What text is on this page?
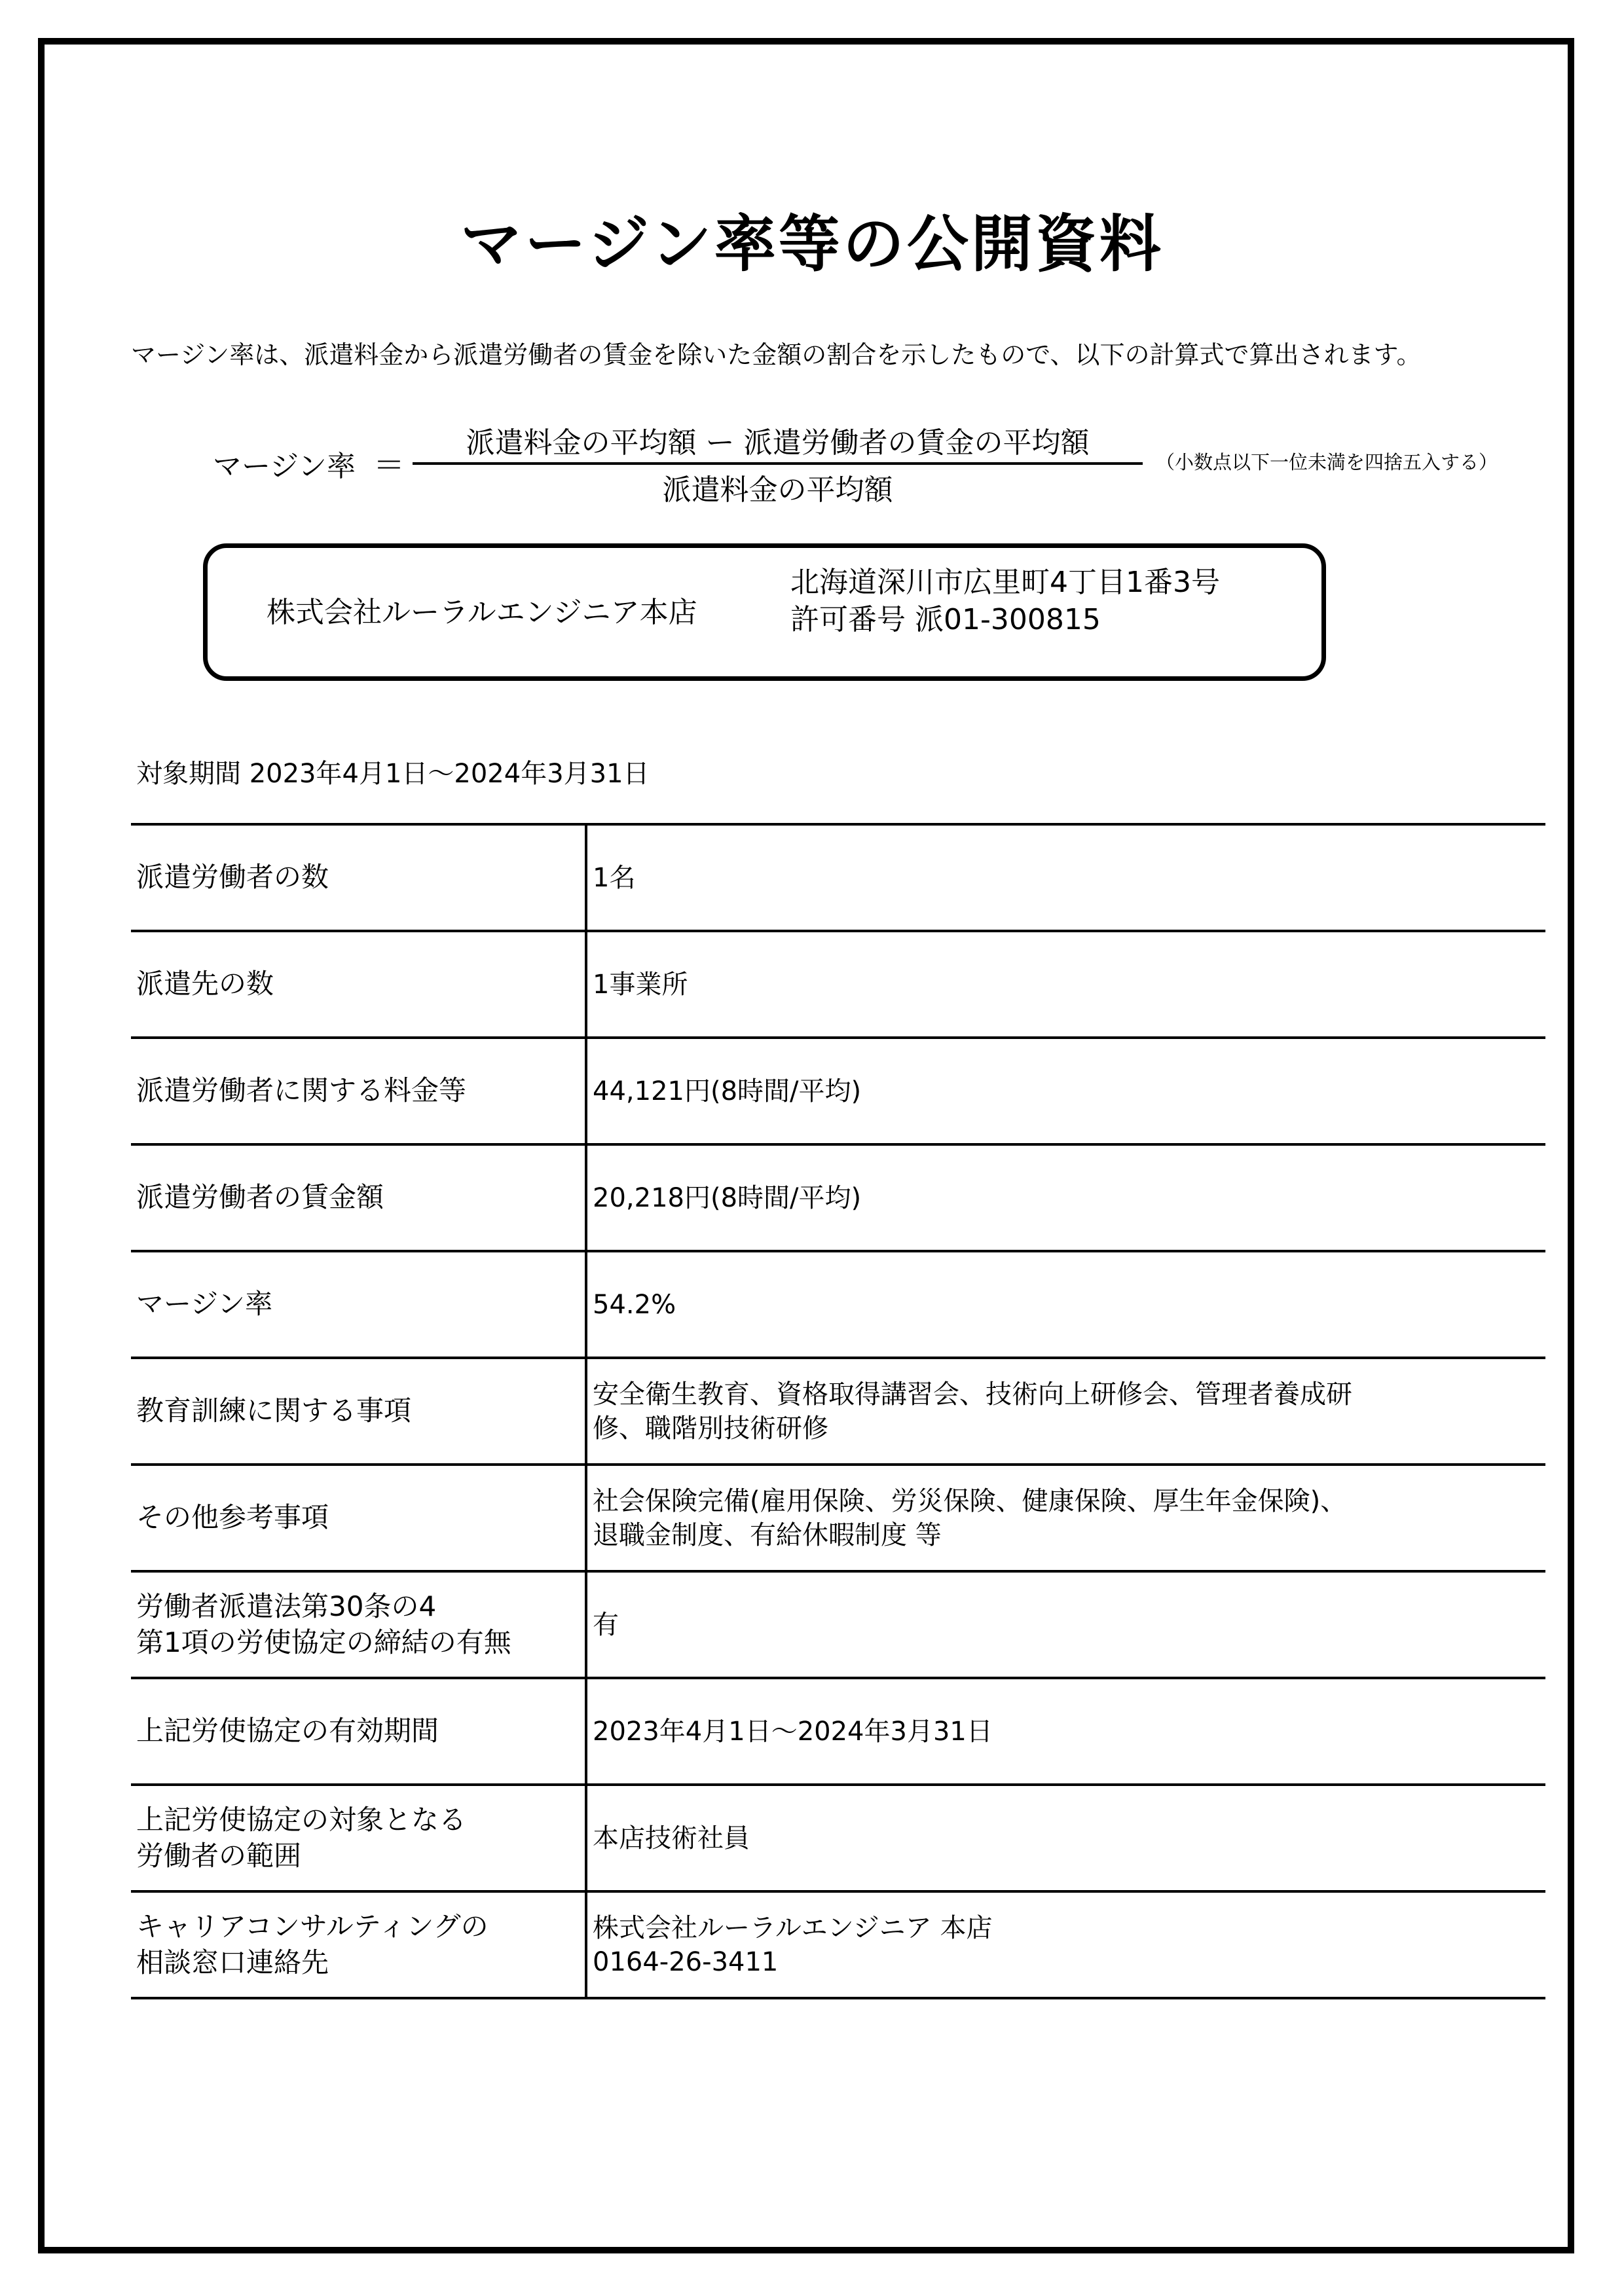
マージン率等の公開資料
マージン率は、派遣料金から派遣労働者の賃金を除いた金額の割合を示したもので、以下の計算式で算出されます。
マージン率 ＝
派遣料金の平均額 ー 派遣労働者の賃金の平均額
派遣料金の平均額
（小数点以下一位未満を四捨五入する）
株式会社ルーラルエンジニア本店
北海道深川市広里町4丁目1番3号
許可番号 派01-300815
対象期間 2023年4月1日～2024年3月31日
派遣労働者の数	1名

派遣先の数	1事業所

派遣労働者に関する料金等	44,121円(8時間/平均)

派遣労働者の賃金額	20,218円(8時間/平均)

マージン率	54.2%

教育訓練に関する事項	安全衛生教育、資格取得講習会、技術向上研修会、管理者養成研
修、職階別技術研修

その他参考事項	社会保険完備(雇用保険、労災保険、健康保険、厚生年金保険)、
退職金制度、有給休暇制度 等

労働者派遣法第30条の4
第1項の労使協定の締結の有無	有

上記労使協定の有効期間	2023年4月1日～2024年3月31日

上記労使協定の対象となる
労働者の範囲	本店技術社員

キャリアコンサルティングの
相談窓口連絡先	株式会社ルーラルエンジニア 本店
0164-26-3411
